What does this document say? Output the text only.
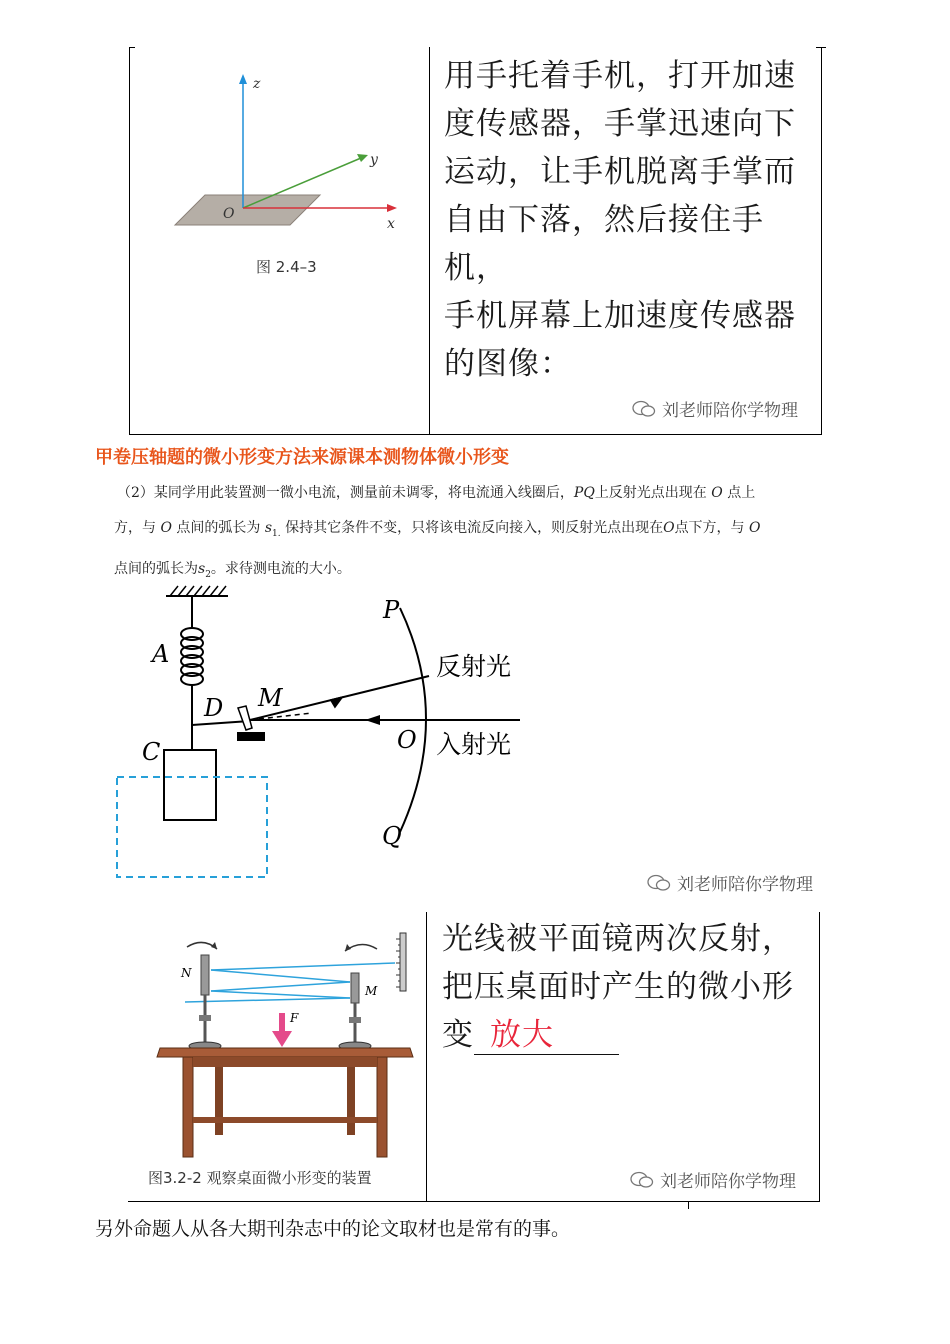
z
y
x
O
图 2.4–3
用手托着手机，打开加速
度传感器，手掌迅速向下
运动，让手机脱离手掌而
自由下落，然后接住手机，
手机屏幕上加速度传感器
的图像：
刘老师陪你学物理
甲卷压轴题的微小形变方法来源课本测物体微小形变
（2）某同学用此装置测一微小电流，测量前未调零，将电流通入线圈后，PQ上反射光点出现在 O 点上
方，与 O 点间的弧长为 $s_{1.}$ 保持其它条件不变，只将该电流反向接入，则反射光点出现在O点下方，与 O
点间的弧长为$s_2$。求待测电流的大小。
A
C
D M
P
Q
O
反射光
入射光
刘老师陪你学物理
N
M
F
图3.2-2 观察桌面微小形变的装置
光线被平面镜两次反射，
把压桌面时产生的微小形
变 放大
刘老师陪你学物理
另外命题人从各大期刊杂志中的论文取材也是常有的事。
